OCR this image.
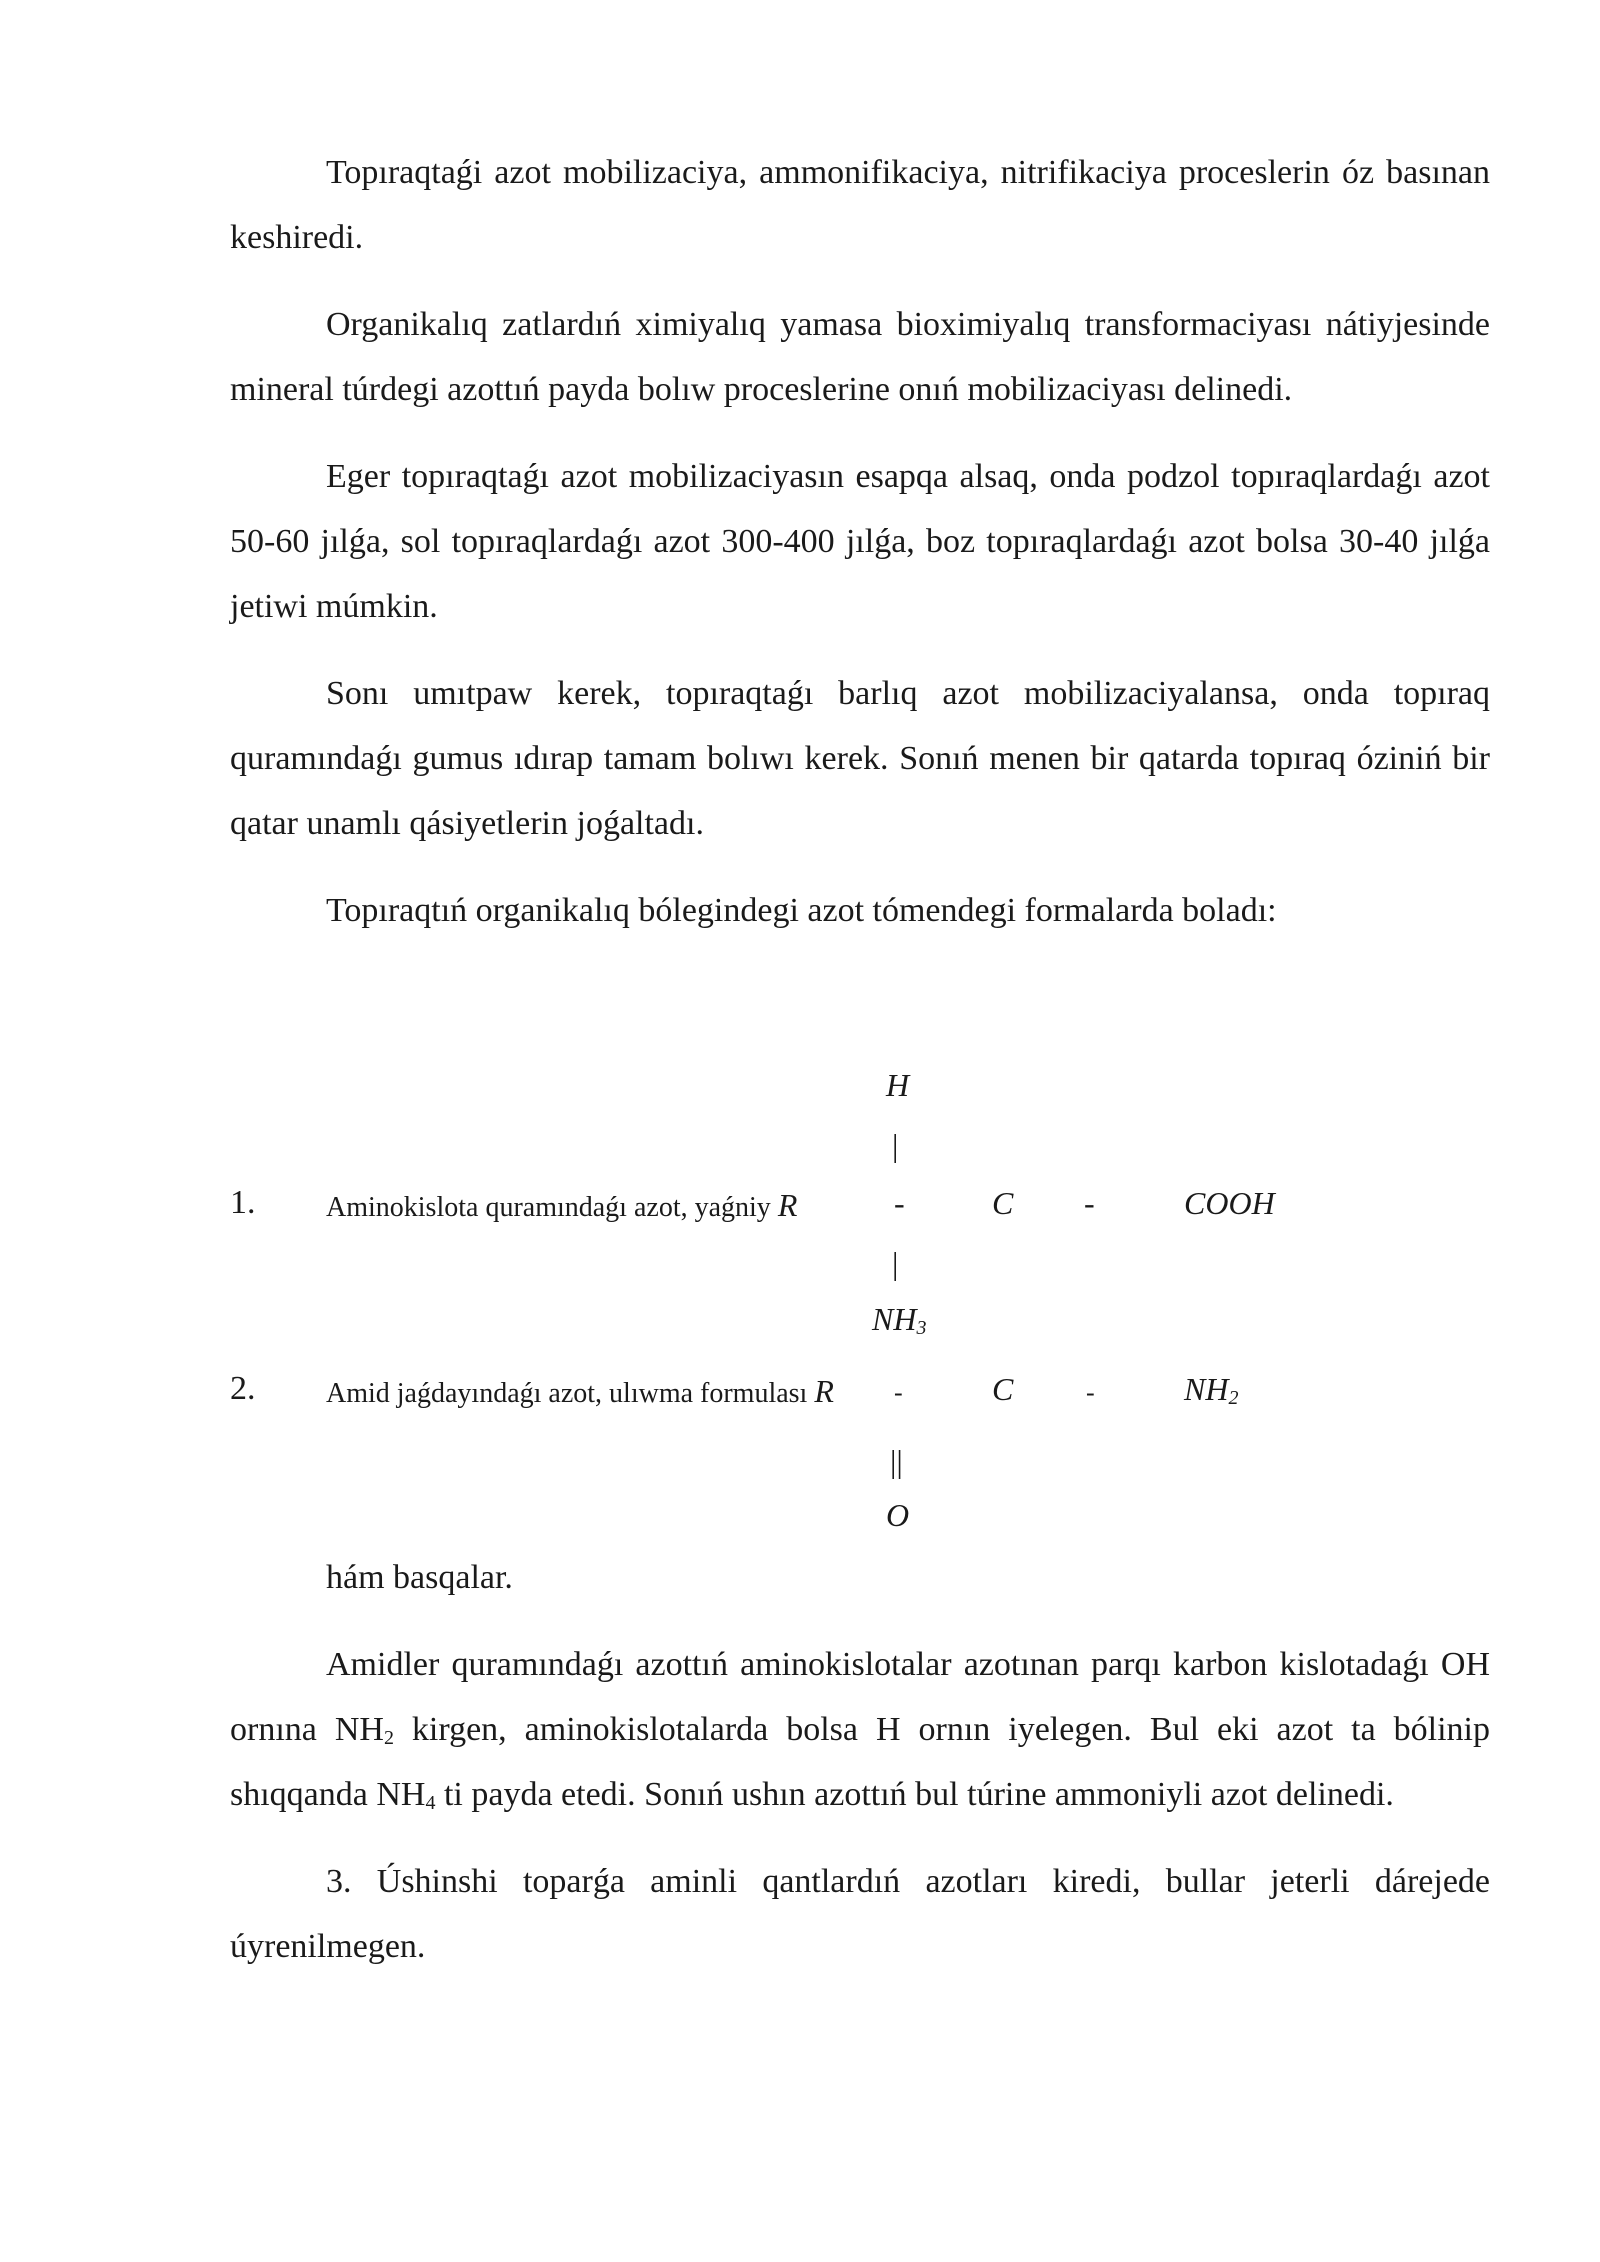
Topıraqtaǵi azot mobilizaciya, ammonifikaciya, nitrifikaciya proceslerin óz basınan keshiredi.

Organikalıq zatlardıń ximiyalıq yamasa bioximiyalıq transformaciyası nátiyjesinde mineral túrdegi azottıń payda bolıw proceslerine onıń mobilizaciyası delinedi.

Eger topıraqtaǵı azot mobilizaciyasın esapqa alsaq, onda podzol topıraqlardaǵı azot 50-60 jılǵa, sol topıraqlardaǵı azot 300-400 jılǵa, boz topıraqlardaǵı azot bolsa 30-40 jılǵa jetiwi múmkin.

Sonı umıtpaw kerek, topıraqtaǵı barlıq azot mobilizaciyalansa, onda topıraq quramındaǵı gumus ıdırap tamam bolıwı kerek. Sonıń menen bir qatarda topıraq óziniń bir qatar unamlı qásiyetlerin joǵaltadı.

Topıraqtıń organikalıq bólegindegi azot tómendegi formalarda boladı:

H
|
1.	Aminokislota quramındaǵı azot, yaǵniy R	-	C -	COOH
|
$NH_3$
2.	Amid jaǵdayındaǵı azot, ulıwma formulası R -	C	-	$NH_2$
||
O

hám basqalar.

Amidler quramındaǵı azottıń aminokislotalar azotınan parqı karbon kislotadaǵı OH ornına $NH_2$ kirgen, aminokislotalarda bolsa H ornın iyelegen. Bul eki azot ta bólinip shıqqanda $NH_4$ ti payda etedi. Sonıń ushın azottıń bul túrine ammoniyli azot delinedi.

3. Úshinshi toparǵa aminli qantlardıń azotları kiredi, bullar jeterli dárejede úyrenilmegen.
